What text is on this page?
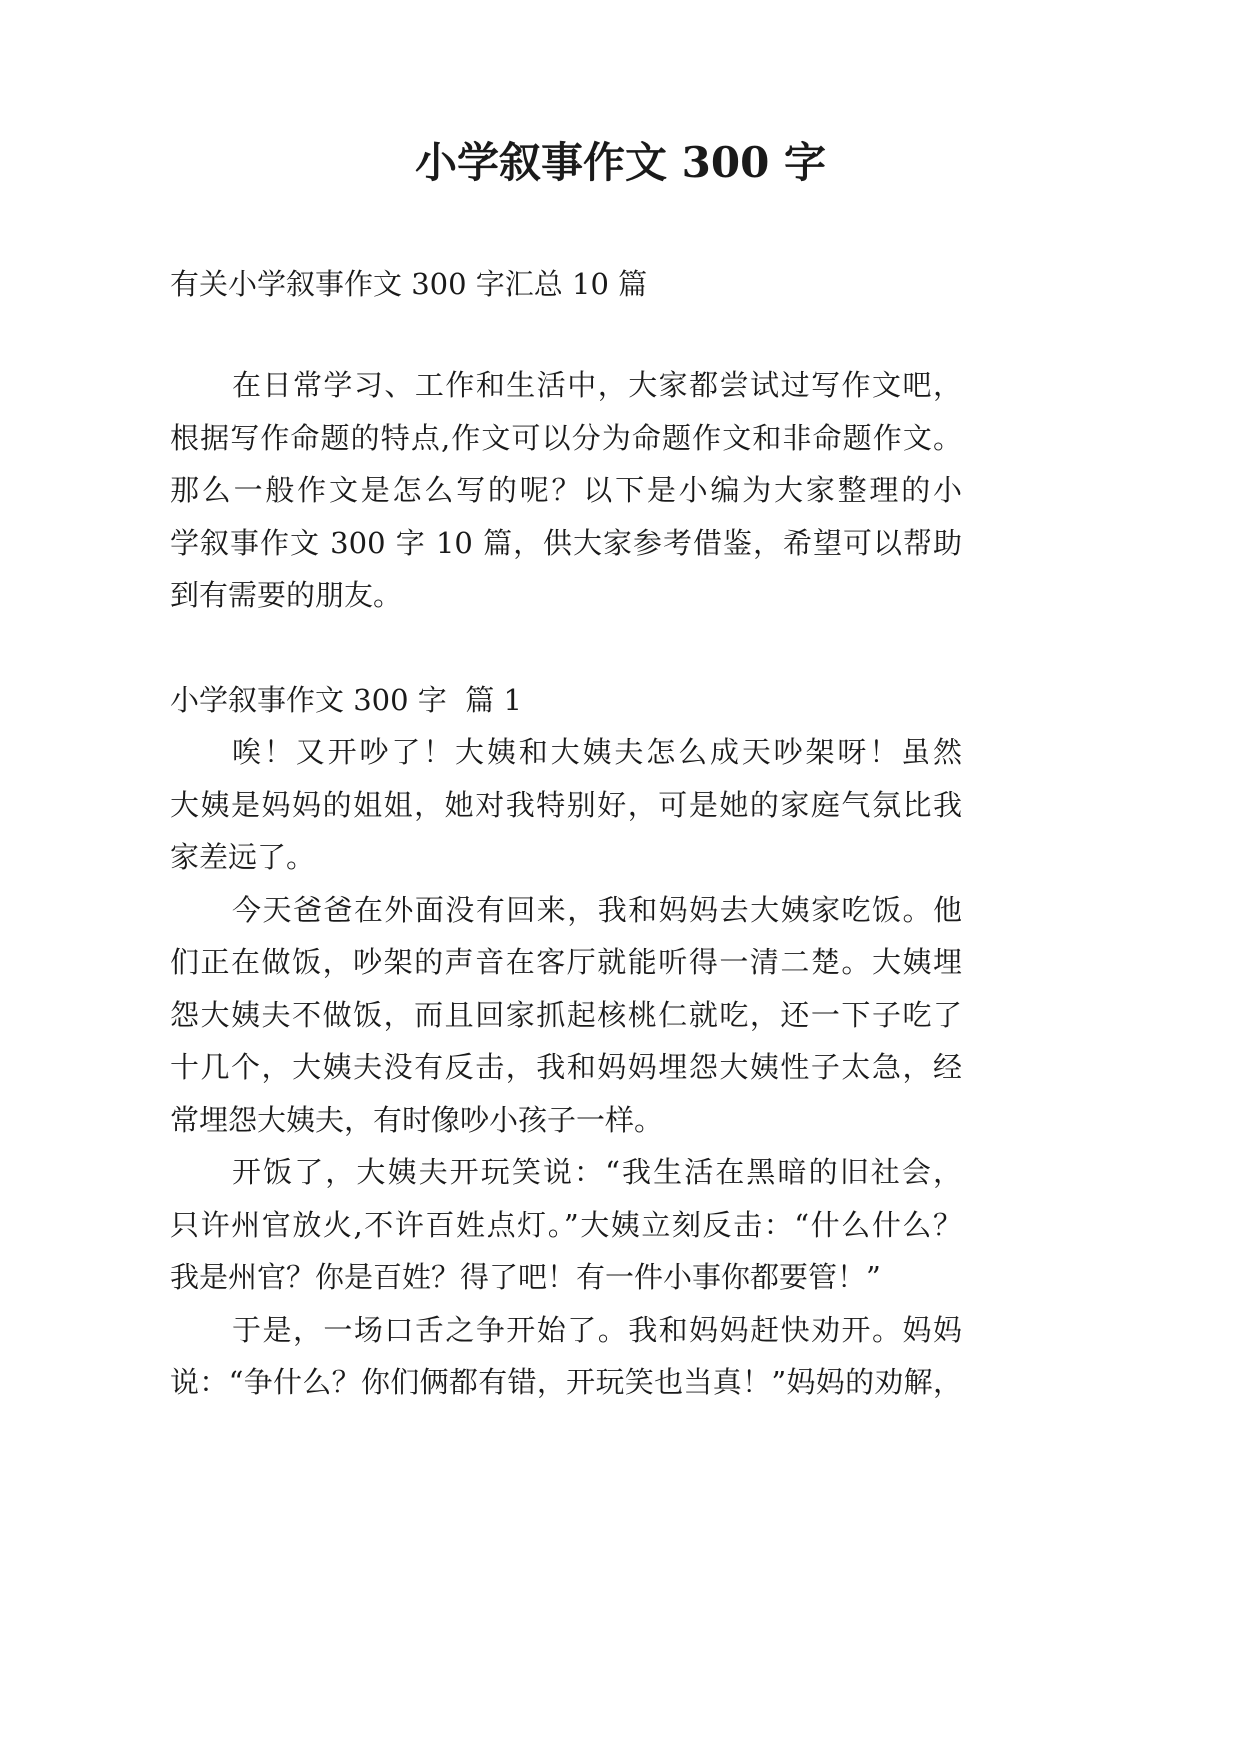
小学叙事作文 300 字
有关小学叙事作文 300 字汇总 10 篇
在日常学习、工作和生活中，大家都尝试过写作文吧，
根据写作命题的特点,作文可以分为命题作文和非命题作文。
那么一般作文是怎么写的呢？以下是小编为大家整理的小
学叙事作文 300 字 10 篇，供大家参考借鉴，希望可以帮助
到有需要的朋友。
小学叙事作文 300 字  篇 1
唉！又开吵了！大姨和大姨夫怎么成天吵架呀！虽然
大姨是妈妈的姐姐，她对我特别好，可是她的家庭气氛比我
家差远了。
今天爸爸在外面没有回来，我和妈妈去大姨家吃饭。他
们正在做饭，吵架的声音在客厅就能听得一清二楚。大姨埋
怨大姨夫不做饭，而且回家抓起核桃仁就吃，还一下子吃了
十几个，大姨夫没有反击，我和妈妈埋怨大姨性子太急，经
常埋怨大姨夫，有时像吵小孩子一样。
开饭了，大姨夫开玩笑说：“我生活在黑暗的旧社会，
只许州官放火,不许百姓点灯。”大姨立刻反击：“什么什么？
我是州官？你是百姓？得了吧！有一件小事你都要管！”
于是，一场口舌之争开始了。我和妈妈赶快劝开。妈妈
说：“争什么？你们俩都有错，开玩笑也当真！”妈妈的劝解，
